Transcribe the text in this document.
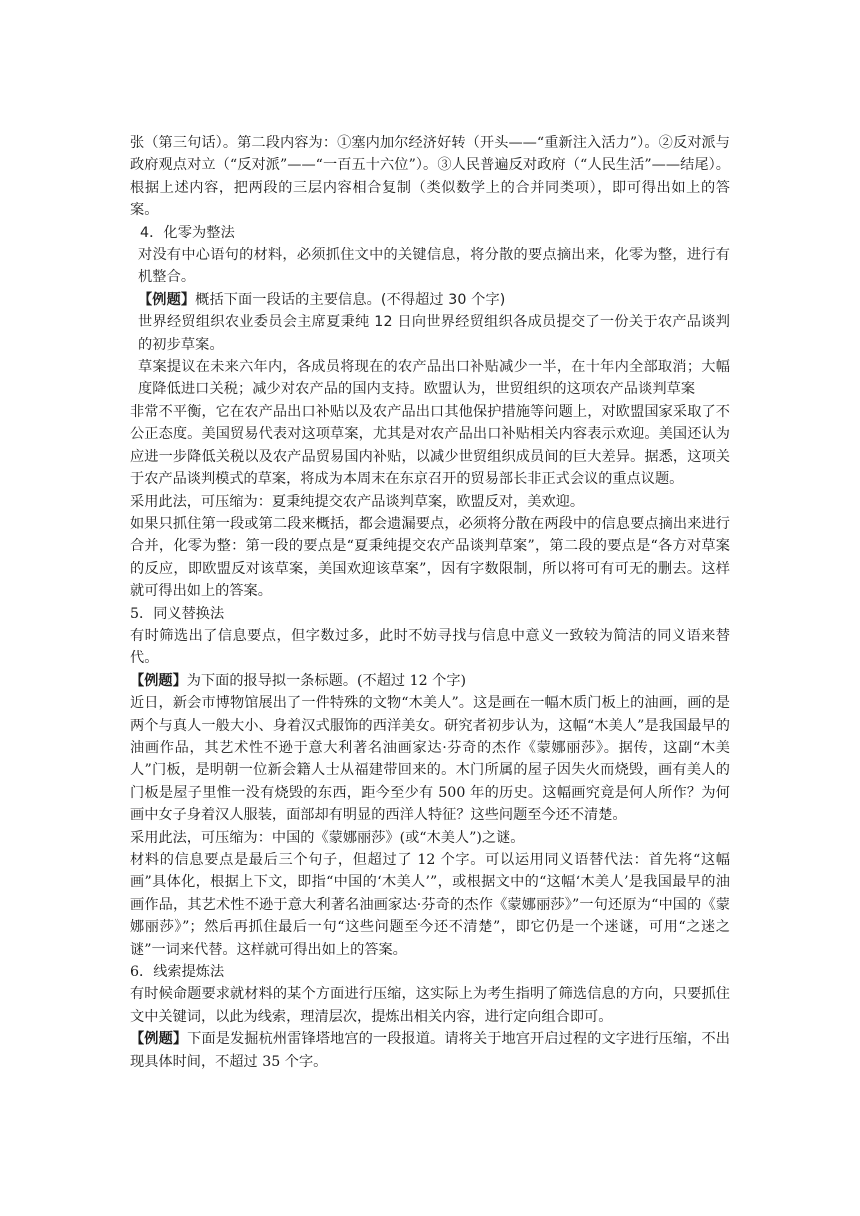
张（第三句话）。第二段内容为：①塞内加尔经济好转（开头——“重新注入活力”）。②反对派与政府观点对立（“反对派”——“一百五十六位”）。③人民普遍反对政府（“人民生活”——结尾）。根据上述内容，把两段的三层内容相合复制（类似数学上的合并同类项），即可得出如上的答案。

4．化零为整法

对没有中心语句的材料，必须抓住文中的关键信息，将分散的要点摘出来，化零为整，进行有机整合。

【例题】概括下面一段话的主要信息。(不得超过 30 个字)

世界经贸组织农业委员会主席夏秉纯 12 日向世界经贸组织各成员提交了一份关于农产品谈判的初步草案。

草案提议在未来六年内，各成员将现在的农产品出口补贴减少一半，在十年内全部取消；大幅度降低进口关税；减少对农产品的国内支持。欧盟认为，世贸组织的这项农产品谈判草案

非常不平衡，它在农产品出口补贴以及农产品出口其他保护措施等问题上，对欧盟国家采取了不公正态度。美国贸易代表对这项草案，尤其是对农产品出口补贴相关内容表示欢迎。美国还认为应进一步降低关税以及农产品贸易国内补贴，以减少世贸组织成员间的巨大差异。据悉，这项关于农产品谈判模式的草案，将成为本周末在东京召开的贸易部长非正式会议的重点议题。

采用此法，可压缩为：夏秉纯提交农产品谈判草案，欧盟反对，美欢迎。

如果只抓住第一段或第二段来概括，都会遗漏要点，必须将分散在两段中的信息要点摘出来进行合并，化零为整：第一段的要点是“夏秉纯提交农产品谈判草案”，第二段的要点是“各方对草案的反应，即欧盟反对该草案，美国欢迎该草案”，因有字数限制，所以将可有可无的删去。这样就可得出如上的答案。

5．同义替换法

有时筛选出了信息要点，但字数过多，此时不妨寻找与信息中意义一致较为简洁的同义语来替代。

【例题】为下面的报导拟一条标题。(不超过 12 个字)

近日，新会市博物馆展出了一件特殊的文物“木美人”。这是画在一幅木质门板上的油画，画的是两个与真人一般大小、身着汉式服饰的西洋美女。研究者初步认为，这幅“木美人”是我国最早的油画作品，其艺术性不逊于意大利著名油画家达·芬奇的杰作《蒙娜丽莎》。据传，这副“木美人”门板，是明朝一位新会籍人士从福建带回来的。木门所属的屋子因失火而烧毁，画有美人的门板是屋子里惟一没有烧毁的东西，距今至少有 500 年的历史。这幅画究竟是何人所作？为何画中女子身着汉人服装，面部却有明显的西洋人特征？这些问题至今还不清楚。

采用此法，可压缩为：中国的《蒙娜丽莎》(或“木美人”)之谜。

材料的信息要点是最后三个句子，但超过了 12 个字。可以运用同义语替代法：首先将“这幅画”具体化，根据上下文，即指“中国的‘木美人’”，或根据文中的“这幅‘木美人’是我国最早的油画作品，其艺术性不逊于意大利著名油画家达·芬奇的杰作《蒙娜丽莎》”一句还原为“中国的《蒙娜丽莎》”；然后再抓住最后一句“这些问题至今还不清楚”，即它仍是一个迷谜，可用“之迷之谜”一词来代替。这样就可得出如上的答案。

6．线索提炼法

有时候命题要求就材料的某个方面进行压缩，这实际上为考生指明了筛选信息的方向，只要抓住文中关键词，以此为线索，理清层次，提炼出相关内容，进行定向组合即可。

【例题】下面是发掘杭州雷锋塔地宫的一段报道。请将关于地宫开启过程的文字进行压缩，不出现具体时间，不超过 35 个字。
